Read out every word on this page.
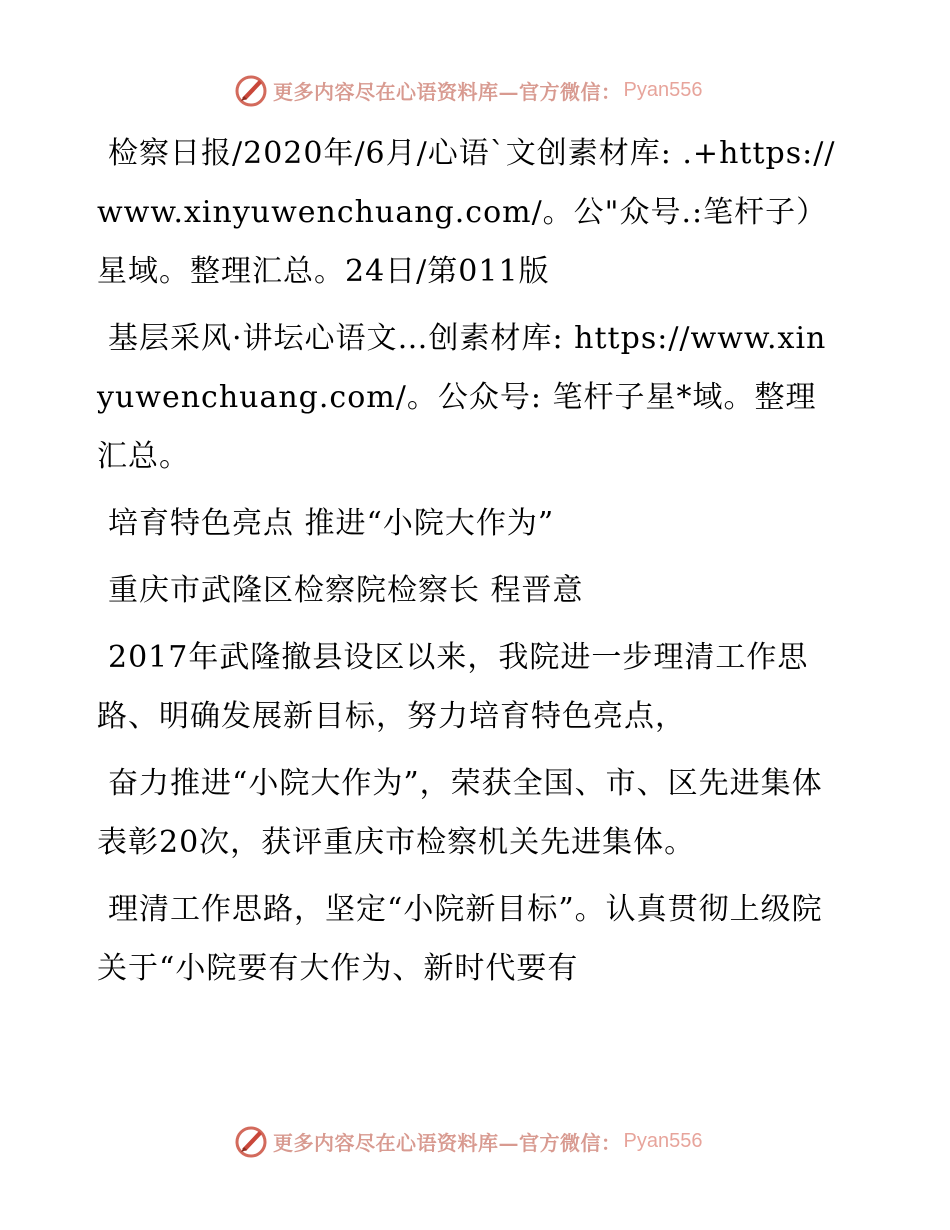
更多内容尽在心语资料库—官方微信： Pyan556

检察日报/2020年/6月/心语`文创素材库: .+https://www.xinyuwenchuang.com/。公"众号.:笔杆子）星域。整理汇总。24日/第011版

基层采风·讲坛心语文…创素材库: https://www.xinyuwenchuang.com/。公众号: 笔杆子星*域。整理汇总。

培育特色亮点 推进“小院大作为”

重庆市武隆区检察院检察长 程晋意

2017年武隆撤县设区以来，我院进一步理清工作思路、明确发展新目标，努力培育特色亮点，

奋力推进“小院大作为”，荣获全国、市、区先进集体表彰20次，获评重庆市检察机关先进集体。

理清工作思路，坚定“小院新目标”。认真贯彻上级院关于“小院要有大作为、新时代要有

更多内容尽在心语资料库—官方微信： Pyan556
